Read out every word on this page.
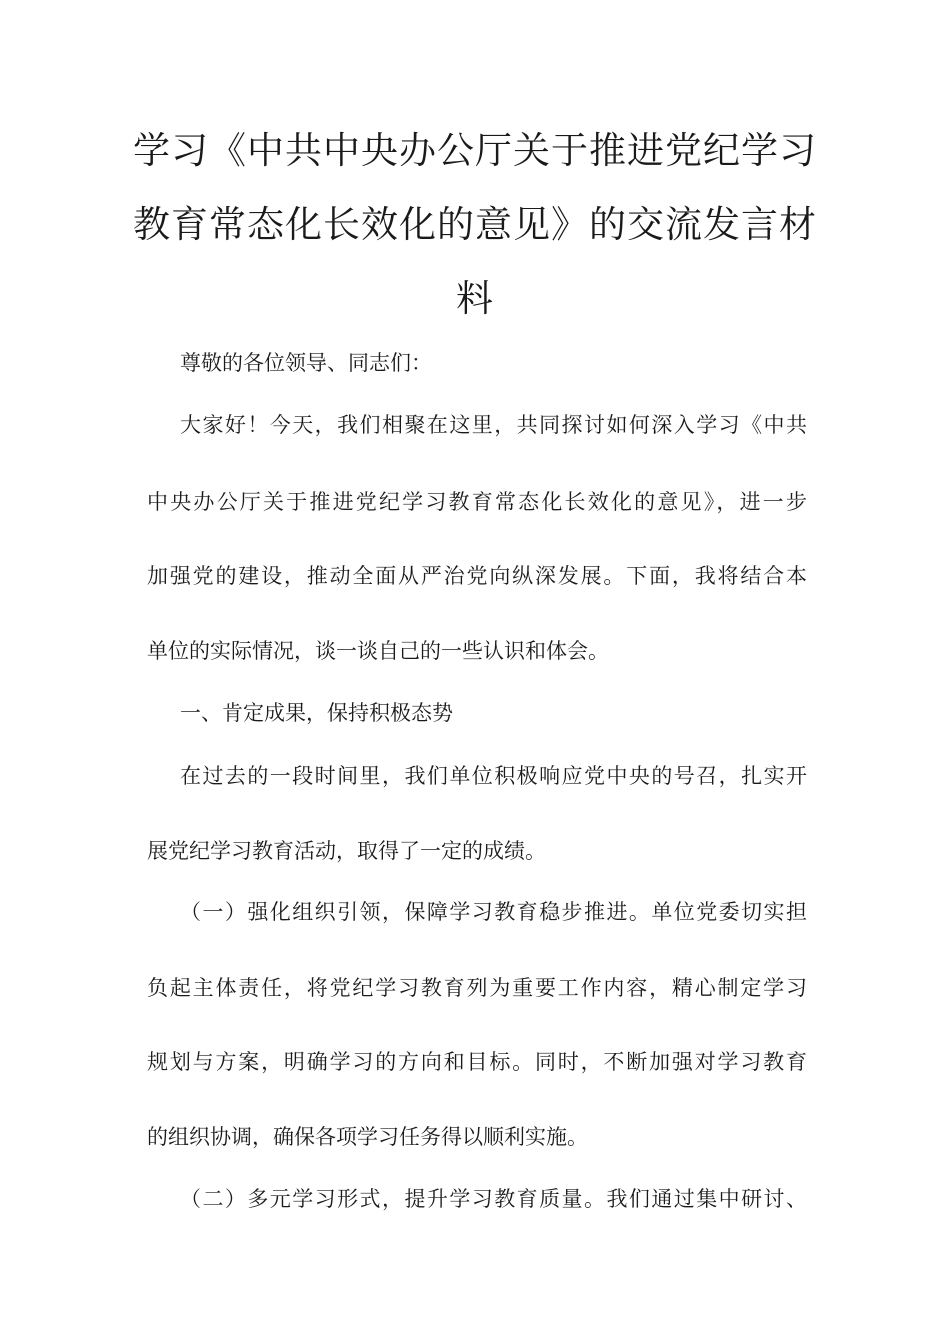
学习《中共中央办公厅关于推进党纪学习
教育常态化长效化的意见》的交流发言材
料
尊敬的各位领导、同志们：
大家好！今天，我们相聚在这里，共同探讨如何深入学习《中共
中央办公厅关于推进党纪学习教育常态化长效化的意见》，进一步
加强党的建设，推动全面从严治党向纵深发展。下面，我将结合本
单位的实际情况，谈一谈自己的一些认识和体会。
一、肯定成果，保持积极态势
在过去的一段时间里，我们单位积极响应党中央的号召，扎实开
展党纪学习教育活动，取得了一定的成绩。
（一）强化组织引领，保障学习教育稳步推进。单位党委切实担
负起主体责任，将党纪学习教育列为重要工作内容，精心制定学习
规划与方案，明确学习的方向和目标。同时，不断加强对学习教育
的组织协调，确保各项学习任务得以顺利实施。
（二）多元学习形式，提升学习教育质量。我们通过集中研讨、
